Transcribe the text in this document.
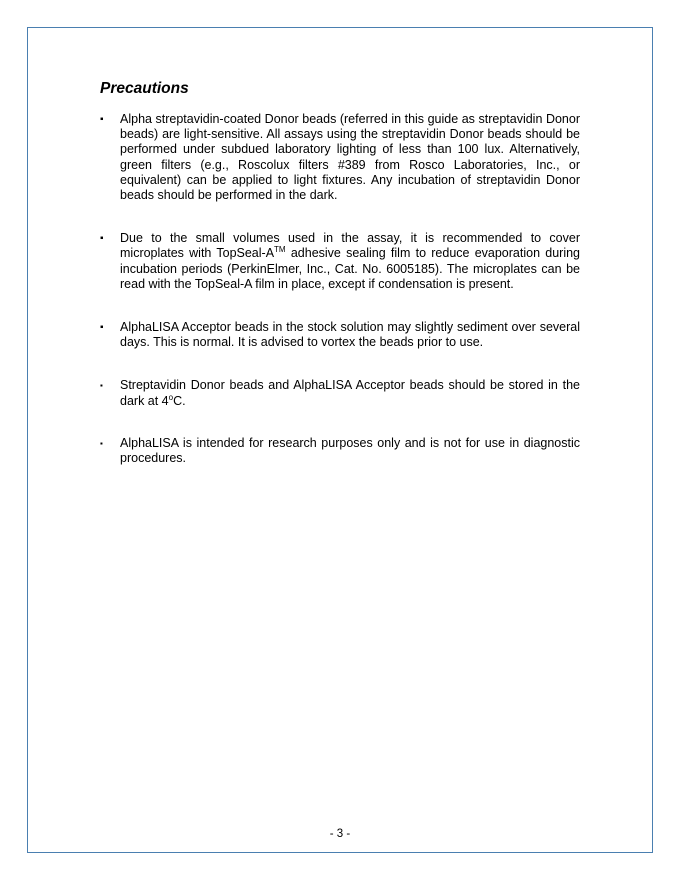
Precautions
▪	Alpha streptavidin-coated Donor beads (referred in this guide as streptavidin Donor beads) are light-sensitive. All assays using the streptavidin Donor beads should be performed under subdued laboratory lighting of less than 100 lux. Alternatively, green filters (e.g., Roscolux filters #389 from Rosco Laboratories, Inc., or equivalent) can be applied to light fixtures. Any incubation of streptavidin Donor beads should be performed in the dark.
▪	Due to the small volumes used in the assay, it is recommended to cover microplates with TopSeal-A™ adhesive sealing film to reduce evaporation during incubation periods (PerkinElmer, Inc., Cat. No. 6005185). The microplates can be read with the TopSeal-A film in place, except if condensation is present.
▪	AlphaLISA Acceptor beads in the stock solution may slightly sediment over several days. This is normal. It is advised to vortex the beads prior to use.
▪	Streptavidin Donor beads and AlphaLISA Acceptor beads should be stored in the dark at 4$^o$C.
▪	AlphaLISA is intended for research purposes only and is not for use in diagnostic procedures.
- 3 -
